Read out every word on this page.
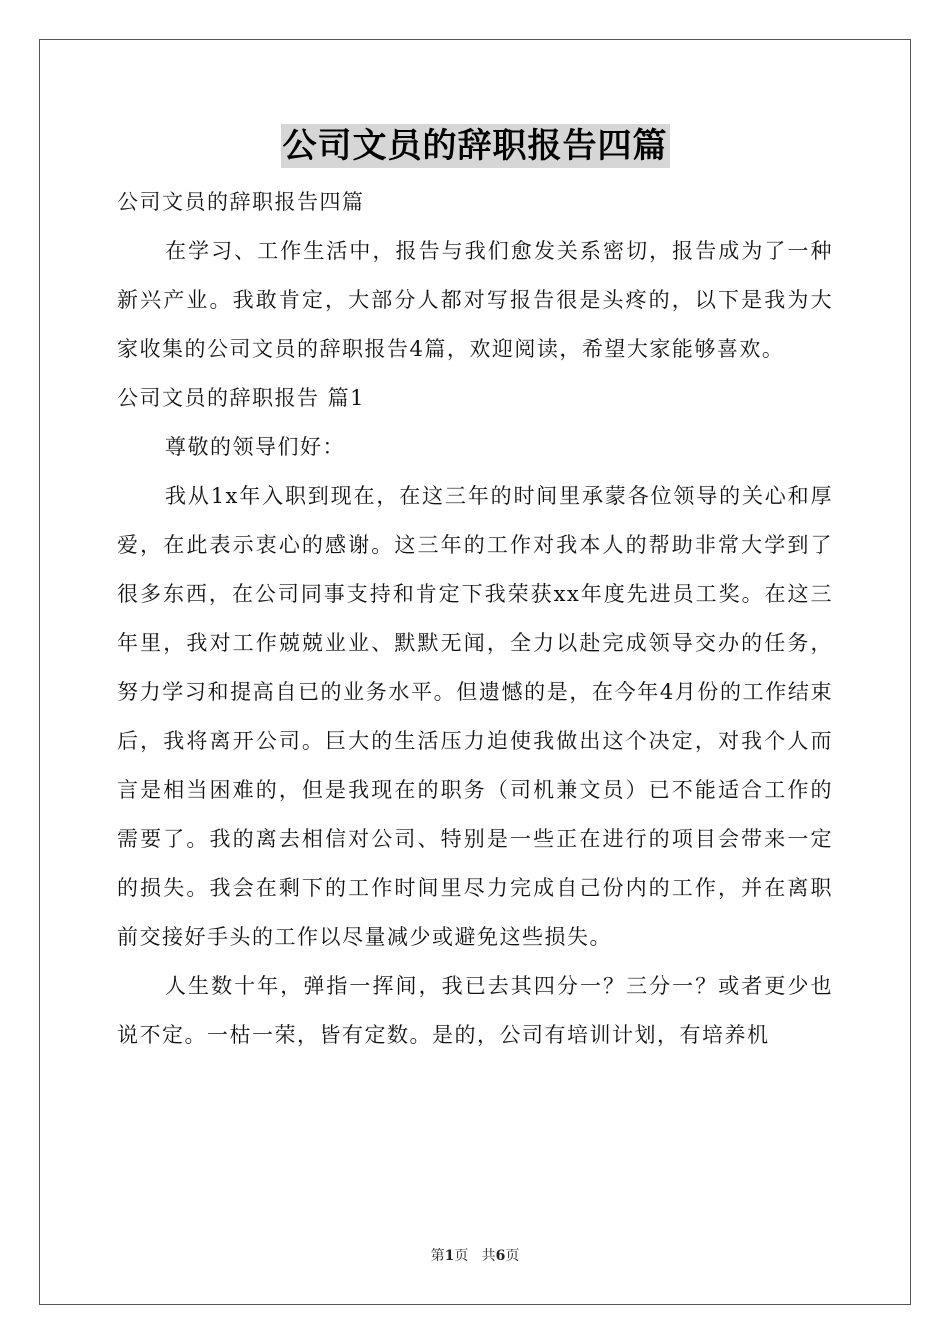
公司文员的辞职报告四篇

公司文员的辞职报告四篇

在学习、工作生活中，报告与我们愈发关系密切，报告成为了一种新兴产业。我敢肯定，大部分人都对写报告很是头疼的，以下是我为大家收集的公司文员的辞职报告4篇，欢迎阅读，希望大家能够喜欢。

公司文员的辞职报告 篇1

尊敬的领导们好：

我从1x年入职到现在，在这三年的时间里承蒙各位领导的关心和厚爱，在此表示衷心的感谢。这三年的工作对我本人的帮助非常大学到了很多东西，在公司同事支持和肯定下我荣获xx年度先进员工奖。在这三年里，我对工作兢兢业业、默默无闻，全力以赴完成领导交办的任务，努力学习和提高自已的业务水平。但遗憾的是，在今年4月份的工作结束后，我将离开公司。巨大的生活压力迫使我做出这个决定，对我个人而言是相当困难的，但是我现在的职务（司机兼文员）已不能适合工作的需要了。我的离去相信对公司、特别是一些正在进行的项目会带来一定的损失。我会在剩下的工作时间里尽力完成自己份内的工作，并在离职前交接好手头的工作以尽量减少或避免这些损失。

人生数十年，弹指一挥间，我已去其四分一？三分一？或者更少也说不定。一枯一荣，皆有定数。是的，公司有培训计划，有培养机

第1页   共6页
